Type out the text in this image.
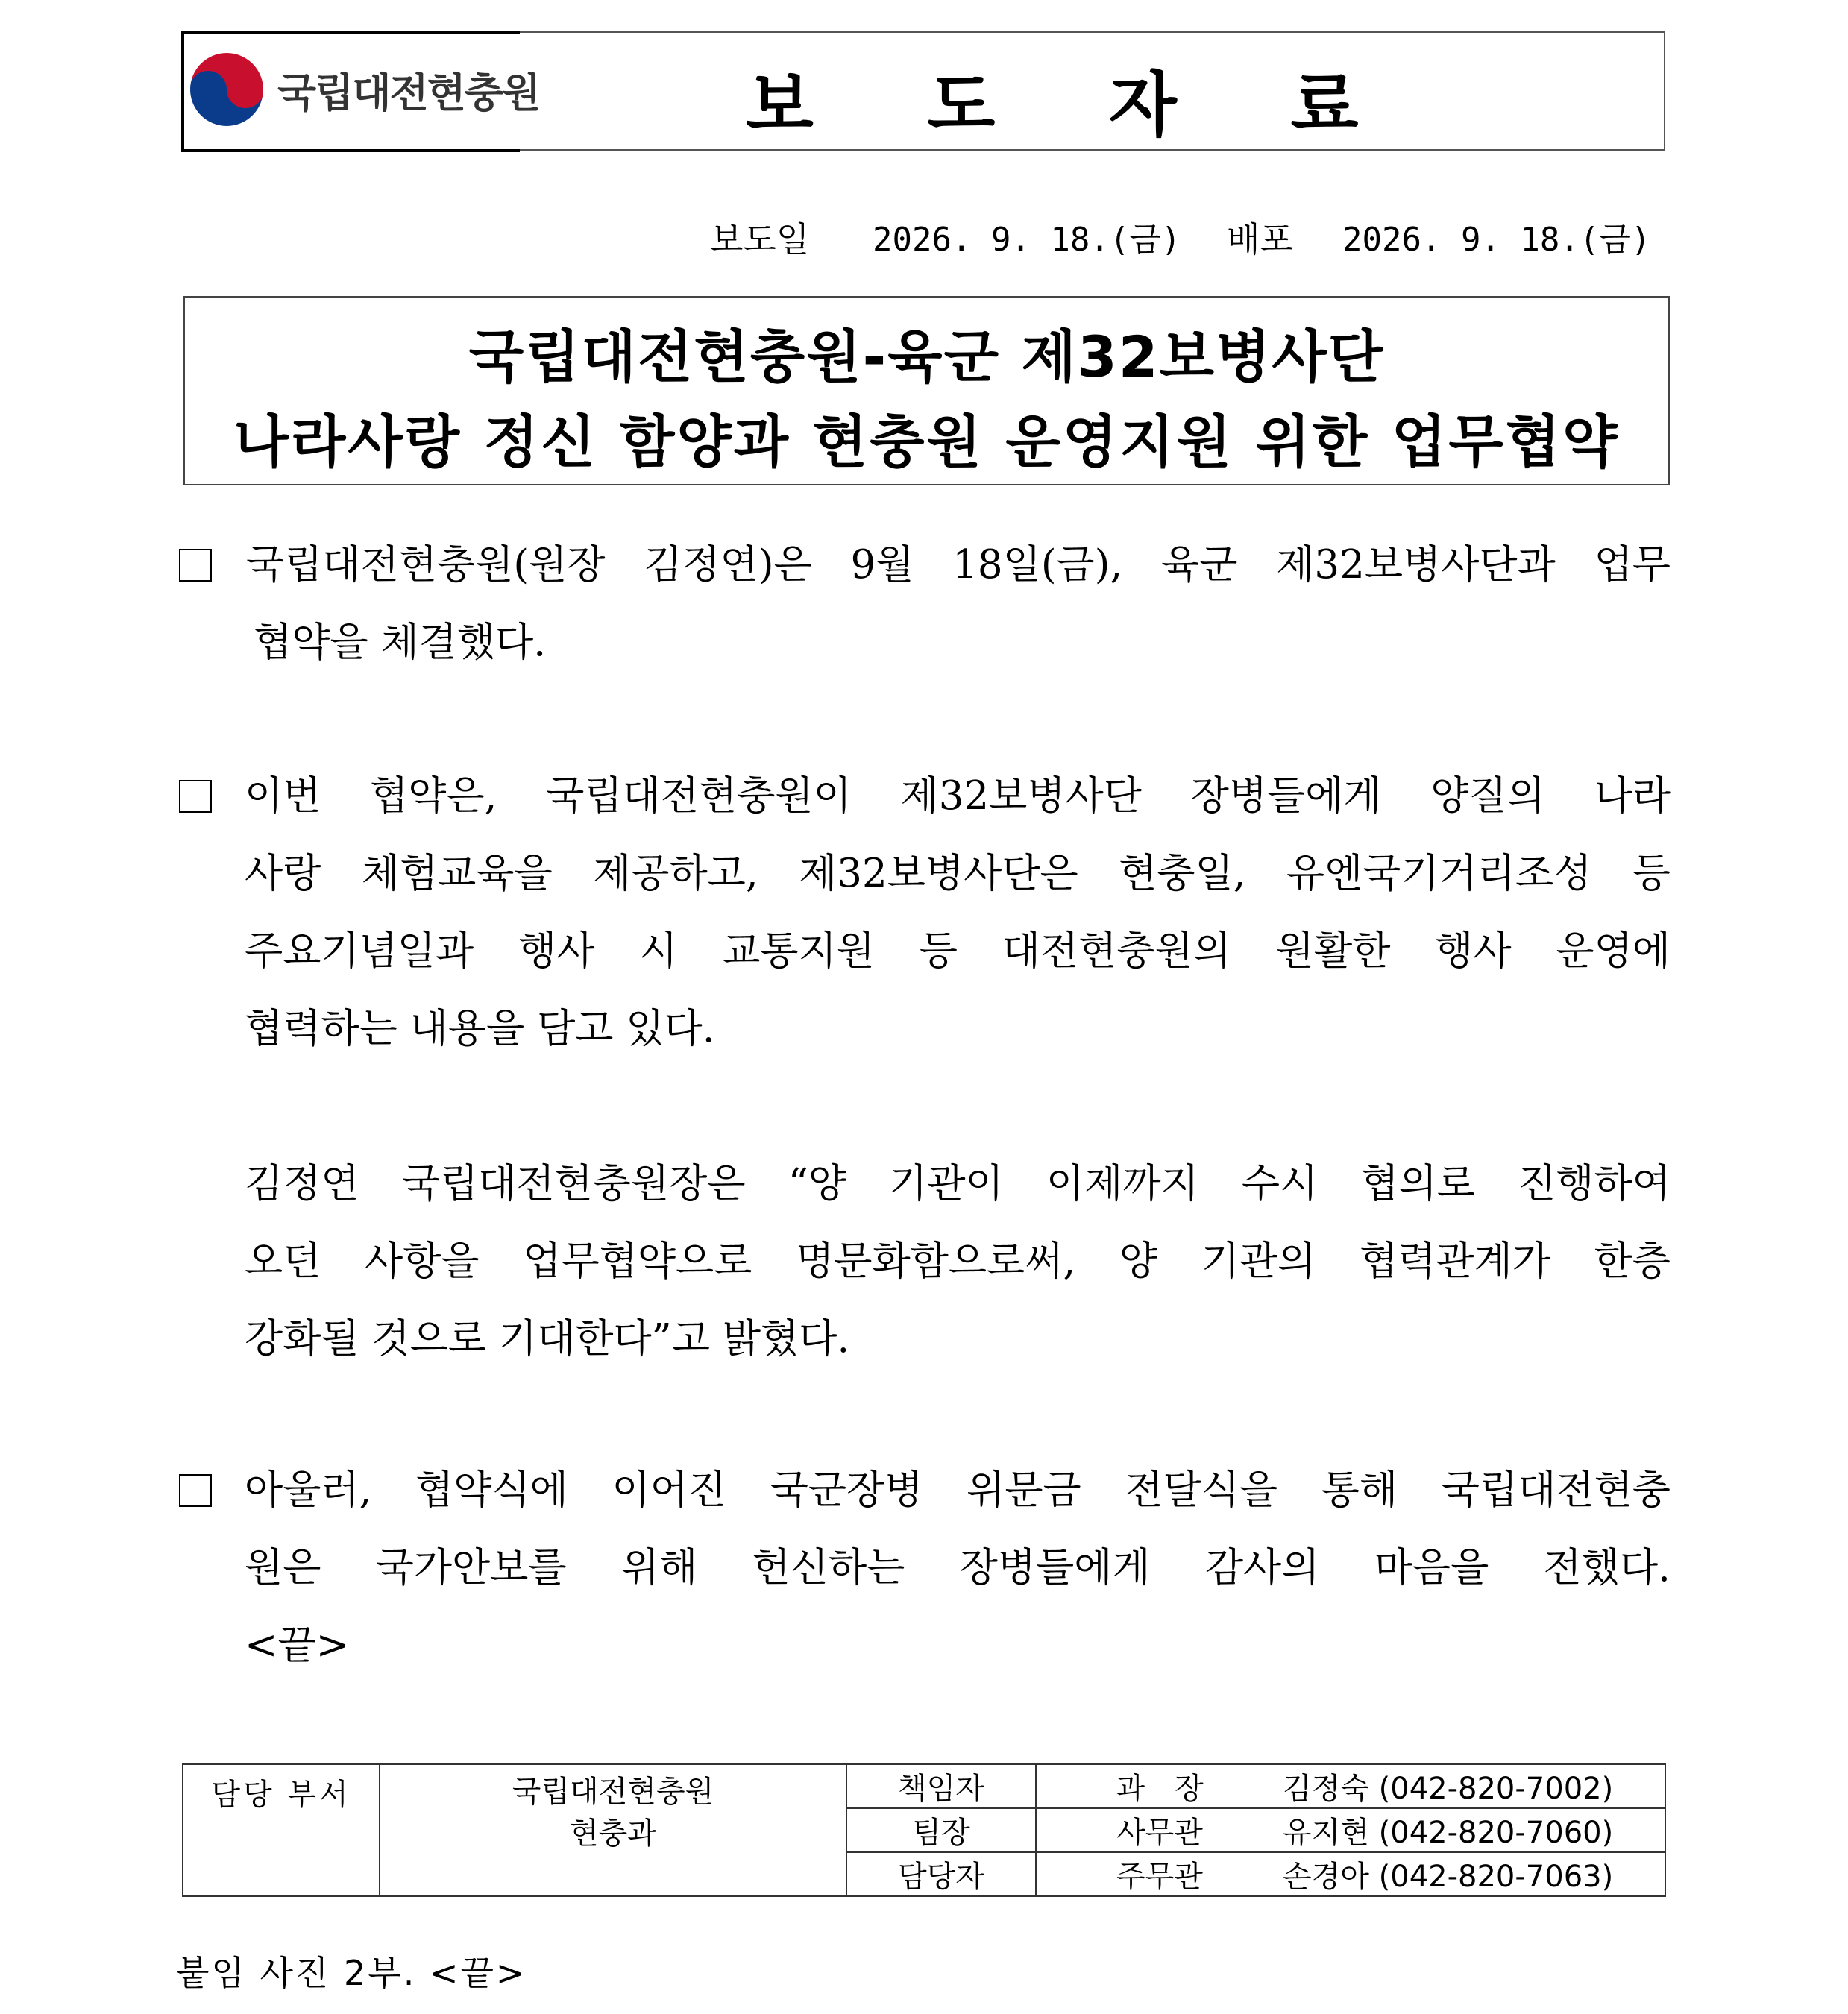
국립대전현충원	보 도 자 료
보도일 2026. 9. 18.(금) 배포 2026. 9. 18.(금)
국립대전현충원-육군 제32보병사단
나라사랑 정신 함양과 현충원 운영지원 위한 업무협약
국립대전현충원(원장 김정연)은 9월 18일(금), 육군 제32보병사단과 업무
협약을 체결했다.
이번 협약은, 국립대전현충원이 제32보병사단 장병들에게 양질의 나라
사랑 체험교육을 제공하고, 제32보병사단은 현충일, 유엔국기거리조성 등
주요기념일과 행사 시 교통지원 등 대전현충원의 원활한 행사 운영에
협력하는 내용을 담고 있다.
김정연 국립대전현충원장은 “양 기관이 이제까지 수시 협의로 진행하여
오던 사항을 업무협약으로 명문화함으로써, 양 기관의 협력관계가 한층
강화될 것으로 기대한다”고 밝혔다.
아울러, 협약식에 이어진 국군장병 위문금 전달식을 통해 국립대전현충
원은 국가안보를 위해 헌신하는 장병들에게 감사의 마음을 전했다.
<끝>
담당 부서	국립대전현충원
현충과	책임자	과　장 김정숙 (042-820-7002)
		팀장	사무관 유지현 (042-820-7060)
		담당자	주무관 손경아 (042-820-7063)
붙임 사진 2부. <끝>
